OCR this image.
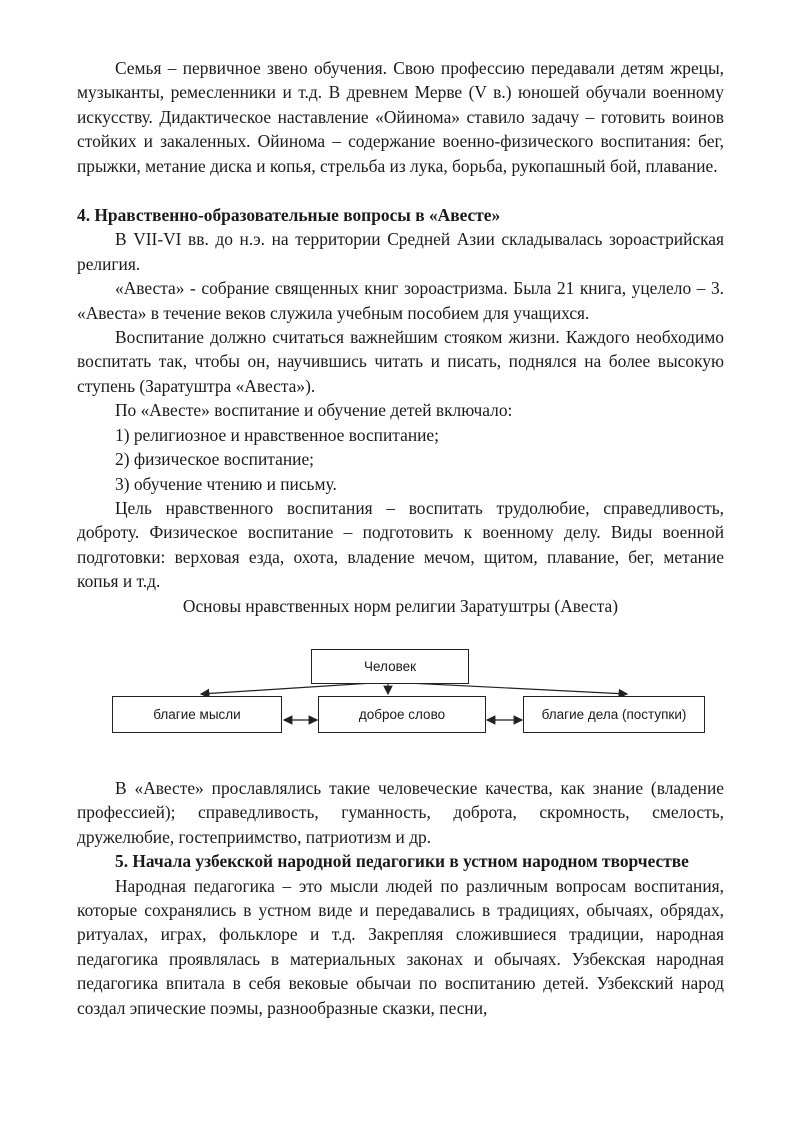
Семья – первичное звено обучения. Свою профессию передавали детям жрецы, музыканты, ремесленники и т.д. В древнем Мерве (V в.) юношей обучали военному искусству. Дидактическое наставление «Ойинома» ставило задачу – готовить воинов стойких и закаленных. Ойинома – содержание военно-физического воспитания: бег, прыжки, метание диска и копья, стрельба из лука, борьба, рукопашный бой, плавание.

4. Нравственно-образовательные вопросы в «Авесте»

В VII-VI вв. до н.э. на территории Средней Азии складывалась зороастрийская религия.

«Авеста» - собрание священных книг зороастризма. Была 21 книга, уцелело – 3. «Авеста» в течение веков служила учебным пособием для учащихся.

Воспитание должно считаться важнейшим стояком жизни. Каждого необходимо воспитать так, чтобы он, научившись читать и писать, поднялся на более высокую ступень (Заратуштра «Авеста»).

По «Авесте» воспитание и обучение детей включало:

1) религиозное и нравственное воспитание;

2) физическое воспитание;

3) обучение чтению и письму.

Цель нравственного воспитания – воспитать трудолюбие, справедливость, доброту. Физическое воспитание – подготовить к военному делу. Виды военной подготовки: верховая езда, охота, владение мечом, щитом, плавание, бег, метание копья и т.д.

Основы нравственных норм религии Заратуштры (Авеста)

Человек
благие мысли	доброе слово	благие дела (поступки)

В «Авесте» прославлялись такие человеческие качества, как знание (владение профессией); справедливость, гуманность, доброта, скромность, смелость, дружелюбие, гостеприимство, патриотизм и др.

5. Начала узбекской народной педагогики в устном народном творчестве

Народная педагогика – это мысли людей по различным вопросам воспитания, которые сохранялись в устном виде и передавались в традициях, обычаях, обрядах, ритуалах, играх, фольклоре и т.д. Закрепляя сложившиеся традиции, народная педагогика проявлялась в материальных законах и обычаях. Узбекская народная педагогика впитала в себя вековые обычаи по воспитанию детей. Узбекский народ создал эпические поэмы, разнообразные сказки, песни,
